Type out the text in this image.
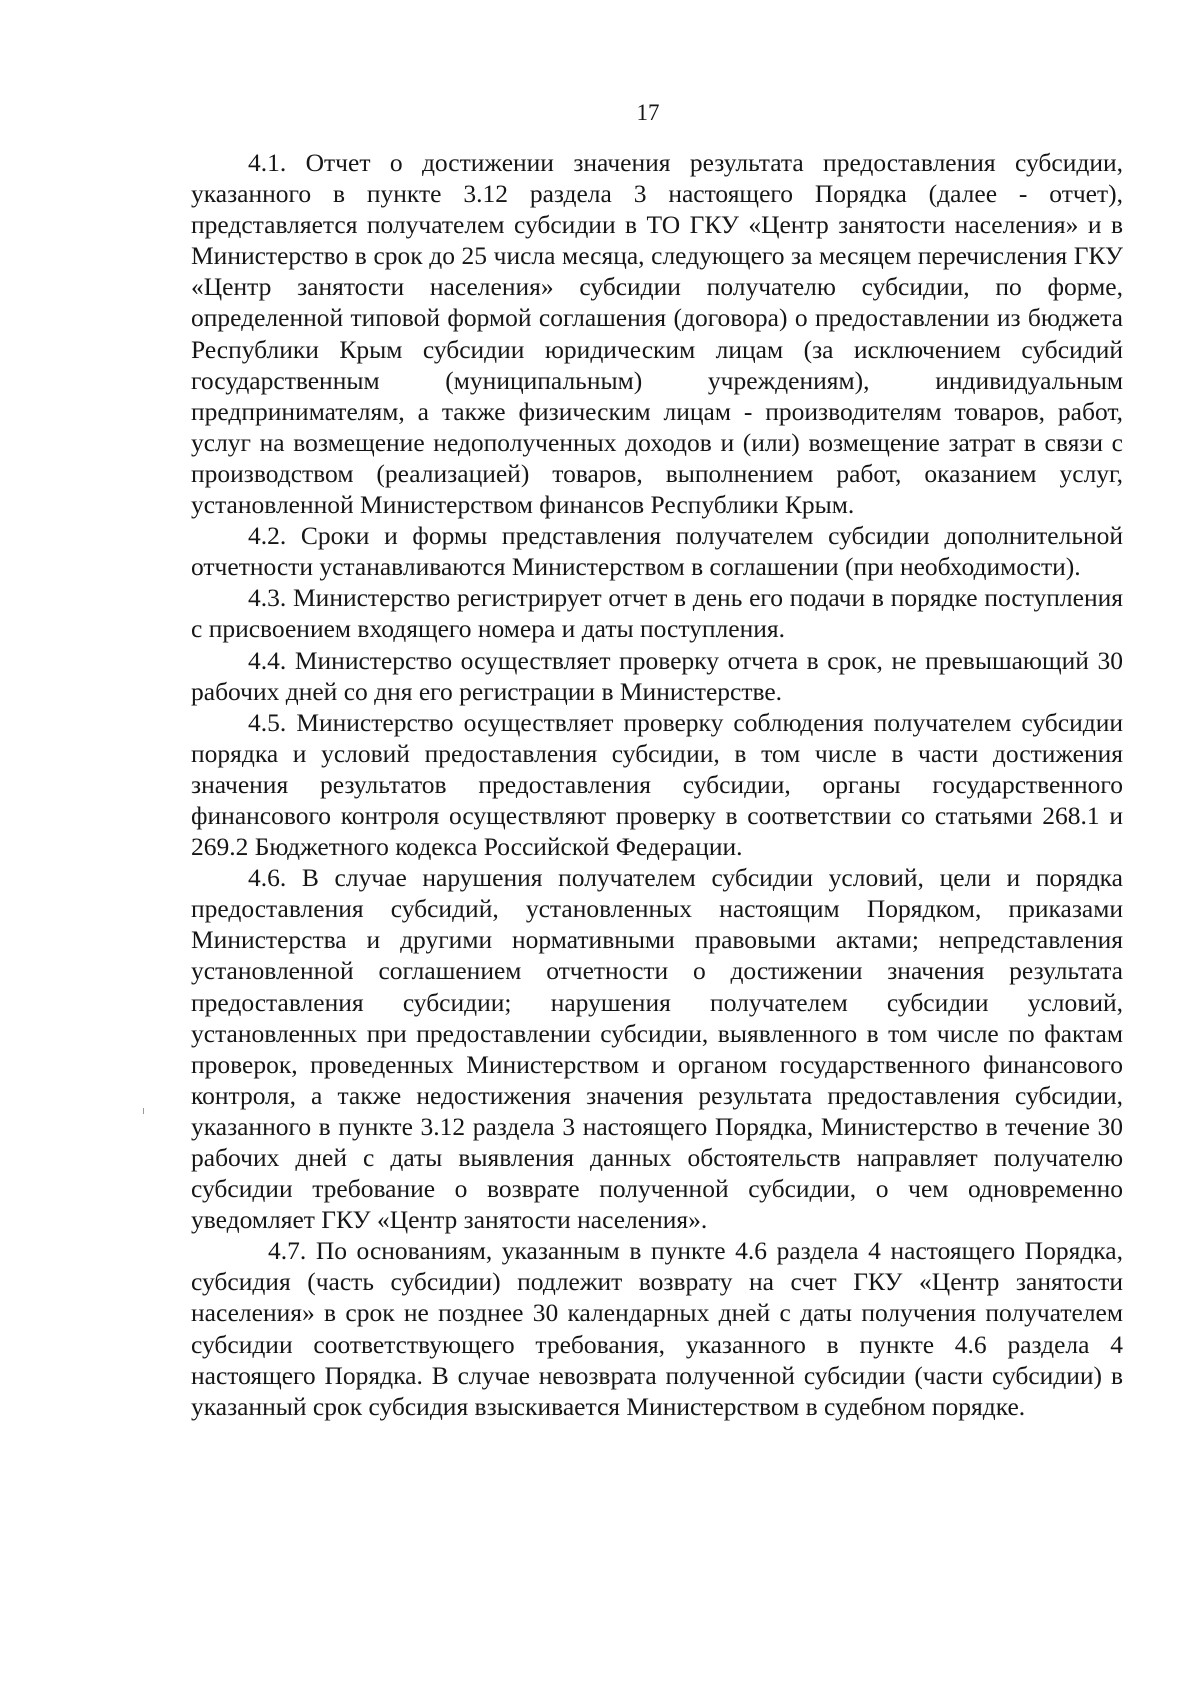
17

4.1. Отчет о достижении значения результата предоставления субсидии, указанного в пункте 3.12 раздела 3 настоящего Порядка (далее - отчет), представляется получателем субсидии в ТО ГКУ «Центр занятости населения» и в Министерство в срок до 25 числа месяца, следующего за месяцем перечисления ГКУ «Центр занятости населения» субсидии получателю субсидии, по форме, определенной типовой формой соглашения (договора) о предоставлении из бюджета Республики Крым субсидии юридическим лицам (за исключением субсидий государственным (муниципальным) учреждениям), индивидуальным предпринимателям, а также физическим лицам - производителям товаров, работ, услуг на возмещение недополученных доходов и (или) возмещение затрат в связи с производством (реализацией) товаров, выполнением работ, оказанием услуг, установленной Министерством финансов Республики Крым.

4.2. Сроки и формы представления получателем субсидии дополнительной отчетности устанавливаются Министерством в соглашении (при необходимости).

4.3. Министерство регистрирует отчет в день его подачи в порядке поступления с присвоением входящего номера и даты поступления.

4.4. Министерство осуществляет проверку отчета в срок, не превышающий 30 рабочих дней со дня его регистрации в Министерстве.

4.5. Министерство осуществляет проверку соблюдения получателем субсидии порядка и условий предоставления субсидии, в том числе в части достижения значения результатов предоставления субсидии, органы государственного финансового контроля осуществляют проверку в соответствии со статьями 268.1 и 269.2 Бюджетного кодекса Российской Федерации.

4.6. В случае нарушения получателем субсидии условий, цели и порядка предоставления субсидий, установленных настоящим Порядком, приказами Министерства и другими нормативными правовыми актами; непредставления установленной соглашением отчетности о достижении значения результата предоставления субсидии; нарушения получателем субсидии условий, установленных при предоставлении субсидии, выявленного в том числе по фактам проверок, проведенных Министерством и органом государственного финансового контроля, а также недостижения значения результата предоставления субсидии, указанного в пункте 3.12 раздела 3 настоящего Порядка, Министерство в течение 30 рабочих дней с даты выявления данных обстоятельств направляет получателю субсидии требование о возврате полученной субсидии, о чем одновременно уведомляет ГКУ «Центр занятости населения».

4.7. По основаниям, указанным в пункте 4.6 раздела 4 настоящего Порядка, субсидия (часть субсидии) подлежит возврату на счет ГКУ «Центр занятости населения» в срок не позднее 30 календарных дней с даты получения получателем субсидии соответствующего требования, указанного в пункте 4.6 раздела 4 настоящего Порядка. В случае невозврата полученной субсидии (части субсидии) в указанный срок субсидия взыскивается Министерством в судебном порядке.
